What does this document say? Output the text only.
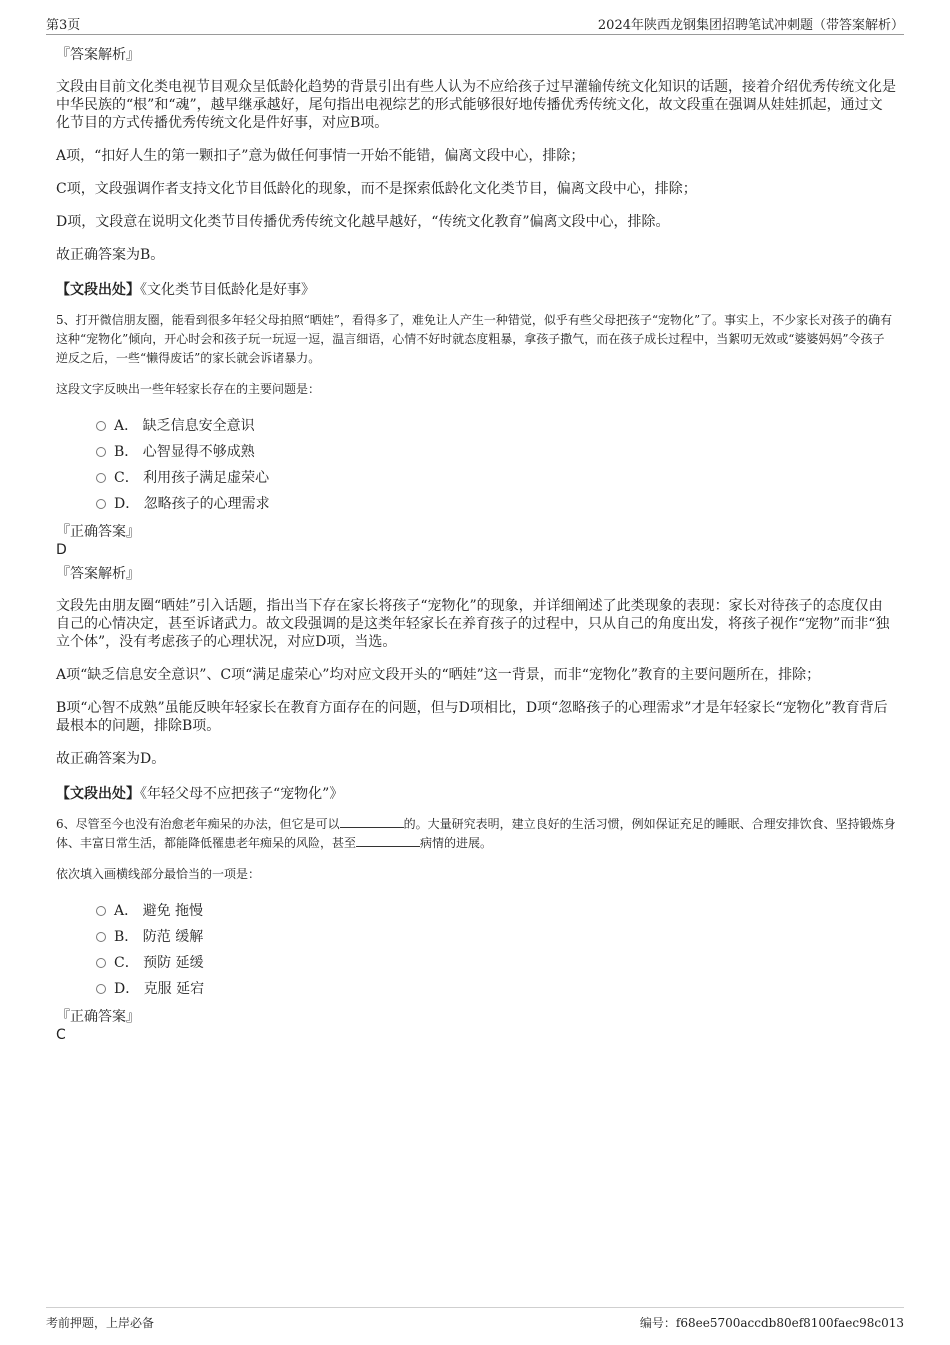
第3页	2024年陕西龙钢集团招聘笔试冲刺题（带答案解析）
『答案解析』

文段由目前文化类电视节目观众呈低龄化趋势的背景引出有些人认为不应给孩子过早灌输传统文化知识的话题，接着介绍优秀传统文化是中华民族的“根”和“魂”，越早继承越好，尾句指出电视综艺的形式能够很好地传播优秀传统文化，故文段重在强调从娃娃抓起，通过文化节目的方式传播优秀传统文化是件好事，对应B项。

A项，“扣好人生的第一颗扣子”意为做任何事情一开始不能错，偏离文段中心，排除；

C项，文段强调作者支持文化节目低龄化的现象，而不是探索低龄化文化类节目，偏离文段中心，排除；

D项，文段意在说明文化类节目传播优秀传统文化越早越好，“传统文化教育”偏离文段中心，排除。

故正确答案为B。

【文段出处】《文化类节目低龄化是好事》

5、打开微信朋友圈，能看到很多年轻父母拍照“晒娃”，看得多了，难免让人产生一种错觉，似乎有些父母把孩子“宠物化”了。事实上，不少家长对孩子的确有这种“宠物化”倾向，开心时会和孩子玩一玩逗一逗，温言细语，心情不好时就态度粗暴，拿孩子撒气，而在孩子成长过程中，当絮叨无效或“婆婆妈妈”令孩子逆反之后，一些“懒得废话”的家长就会诉诸暴力。

这段文字反映出一些年轻家长存在的主要问题是：

A． 缺乏信息安全意识
B． 心智显得不够成熟
C． 利用孩子满足虚荣心
D． 忽略孩子的心理需求
『正确答案』
D
『答案解析』

文段先由朋友圈“晒娃”引入话题，指出当下存在家长将孩子“宠物化”的现象，并详细阐述了此类现象的表现：家长对待孩子的态度仅由自己的心情决定，甚至诉诸武力。故文段强调的是这类年轻家长在养育孩子的过程中，只从自己的角度出发，将孩子视作“宠物”而非“独立个体”，没有考虑孩子的心理状况，对应D项，当选。

A项“缺乏信息安全意识”、C项“满足虚荣心”均对应文段开头的“晒娃”这一背景，而非“宠物化”教育的主要问题所在，排除；

B项“心智不成熟”虽能反映年轻家长在教育方面存在的问题，但与D项相比，D项“忽略孩子的心理需求”才是年轻家长“宠物化”教育背后最根本的问题，排除B项。

故正确答案为D。

【文段出处】《年轻父母不应把孩子“宠物化”》

6、尽管至今也没有治愈老年痴呆的办法，但它是可以	的。大量研究表明，建立良好的生活习惯，例如保证充足的睡眠、合理安排饮食、坚持锻炼身体、丰富日常生活，都能降低罹患老年痴呆的风险，甚至	病情的进展。

依次填入画横线部分最恰当的一项是：

A． 避免 拖慢
B． 防范 缓解
C． 预防 延缓
D． 克服 延宕
『正确答案』
C
考前押题，上岸必备	编号：f68ee5700accdb80ef8100faec98c013
